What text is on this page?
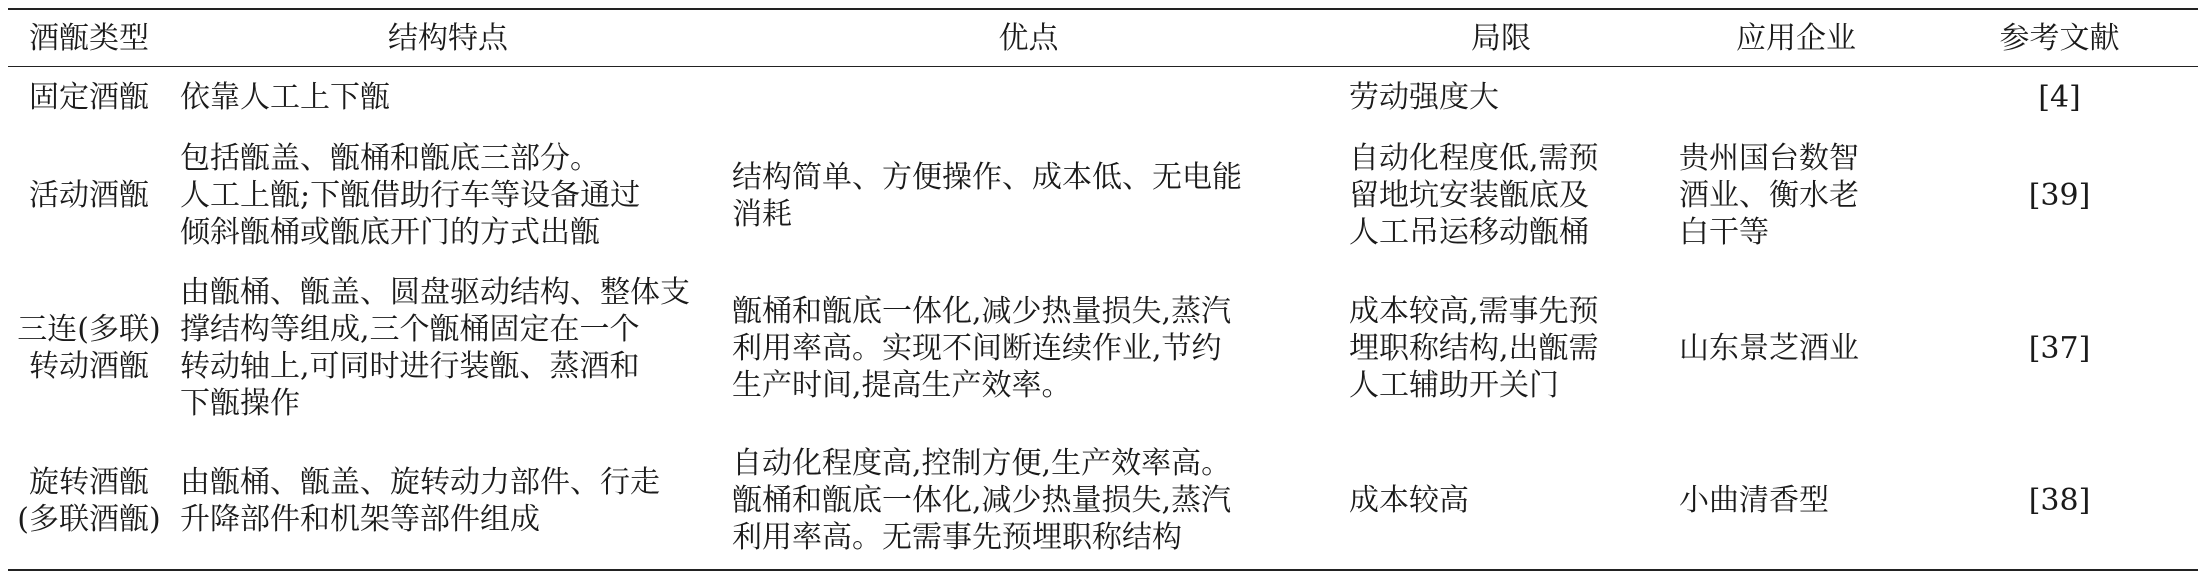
酒甑类型	结构特点	优点	局限	应用企业	参考文献

固定酒甑	依靠人工上下甑		劳动强度大		[4]

活动酒甑	包括甑盖、甑桶和甑底三部分。
人工上甑;下甑借助行车等设备通过
倾斜甑桶或甑底开门的方式出甑	结构简单、方便操作、成本低、无电能
消耗	自动化程度低,需预
留地坑安装甑底及
人工吊运移动甑桶	贵州国台数智
酒业、衡水老
白干等	[39]

三连(多联)
转动酒甑	由甑桶、甑盖、圆盘驱动结构、整体支
撑结构等组成,三个甑桶固定在一个
转动轴上,可同时进行装甑、蒸酒和
下甑操作	甑桶和甑底一体化,减少热量损失,蒸汽
利用率高。实现不间断连续作业,节约
生产时间,提高生产效率。	成本较高,需事先预
埋职称结构,出甑需
人工辅助开关门	山东景芝酒业	[37]

旋转酒甑
(多联酒甑)	由甑桶、甑盖、旋转动力部件、行走
升降部件和机架等部件组成	自动化程度高,控制方便,生产效率高。
甑桶和甑底一体化,减少热量损失,蒸汽
利用率高。无需事先预埋职称结构	成本较高	小曲清香型	[38]
